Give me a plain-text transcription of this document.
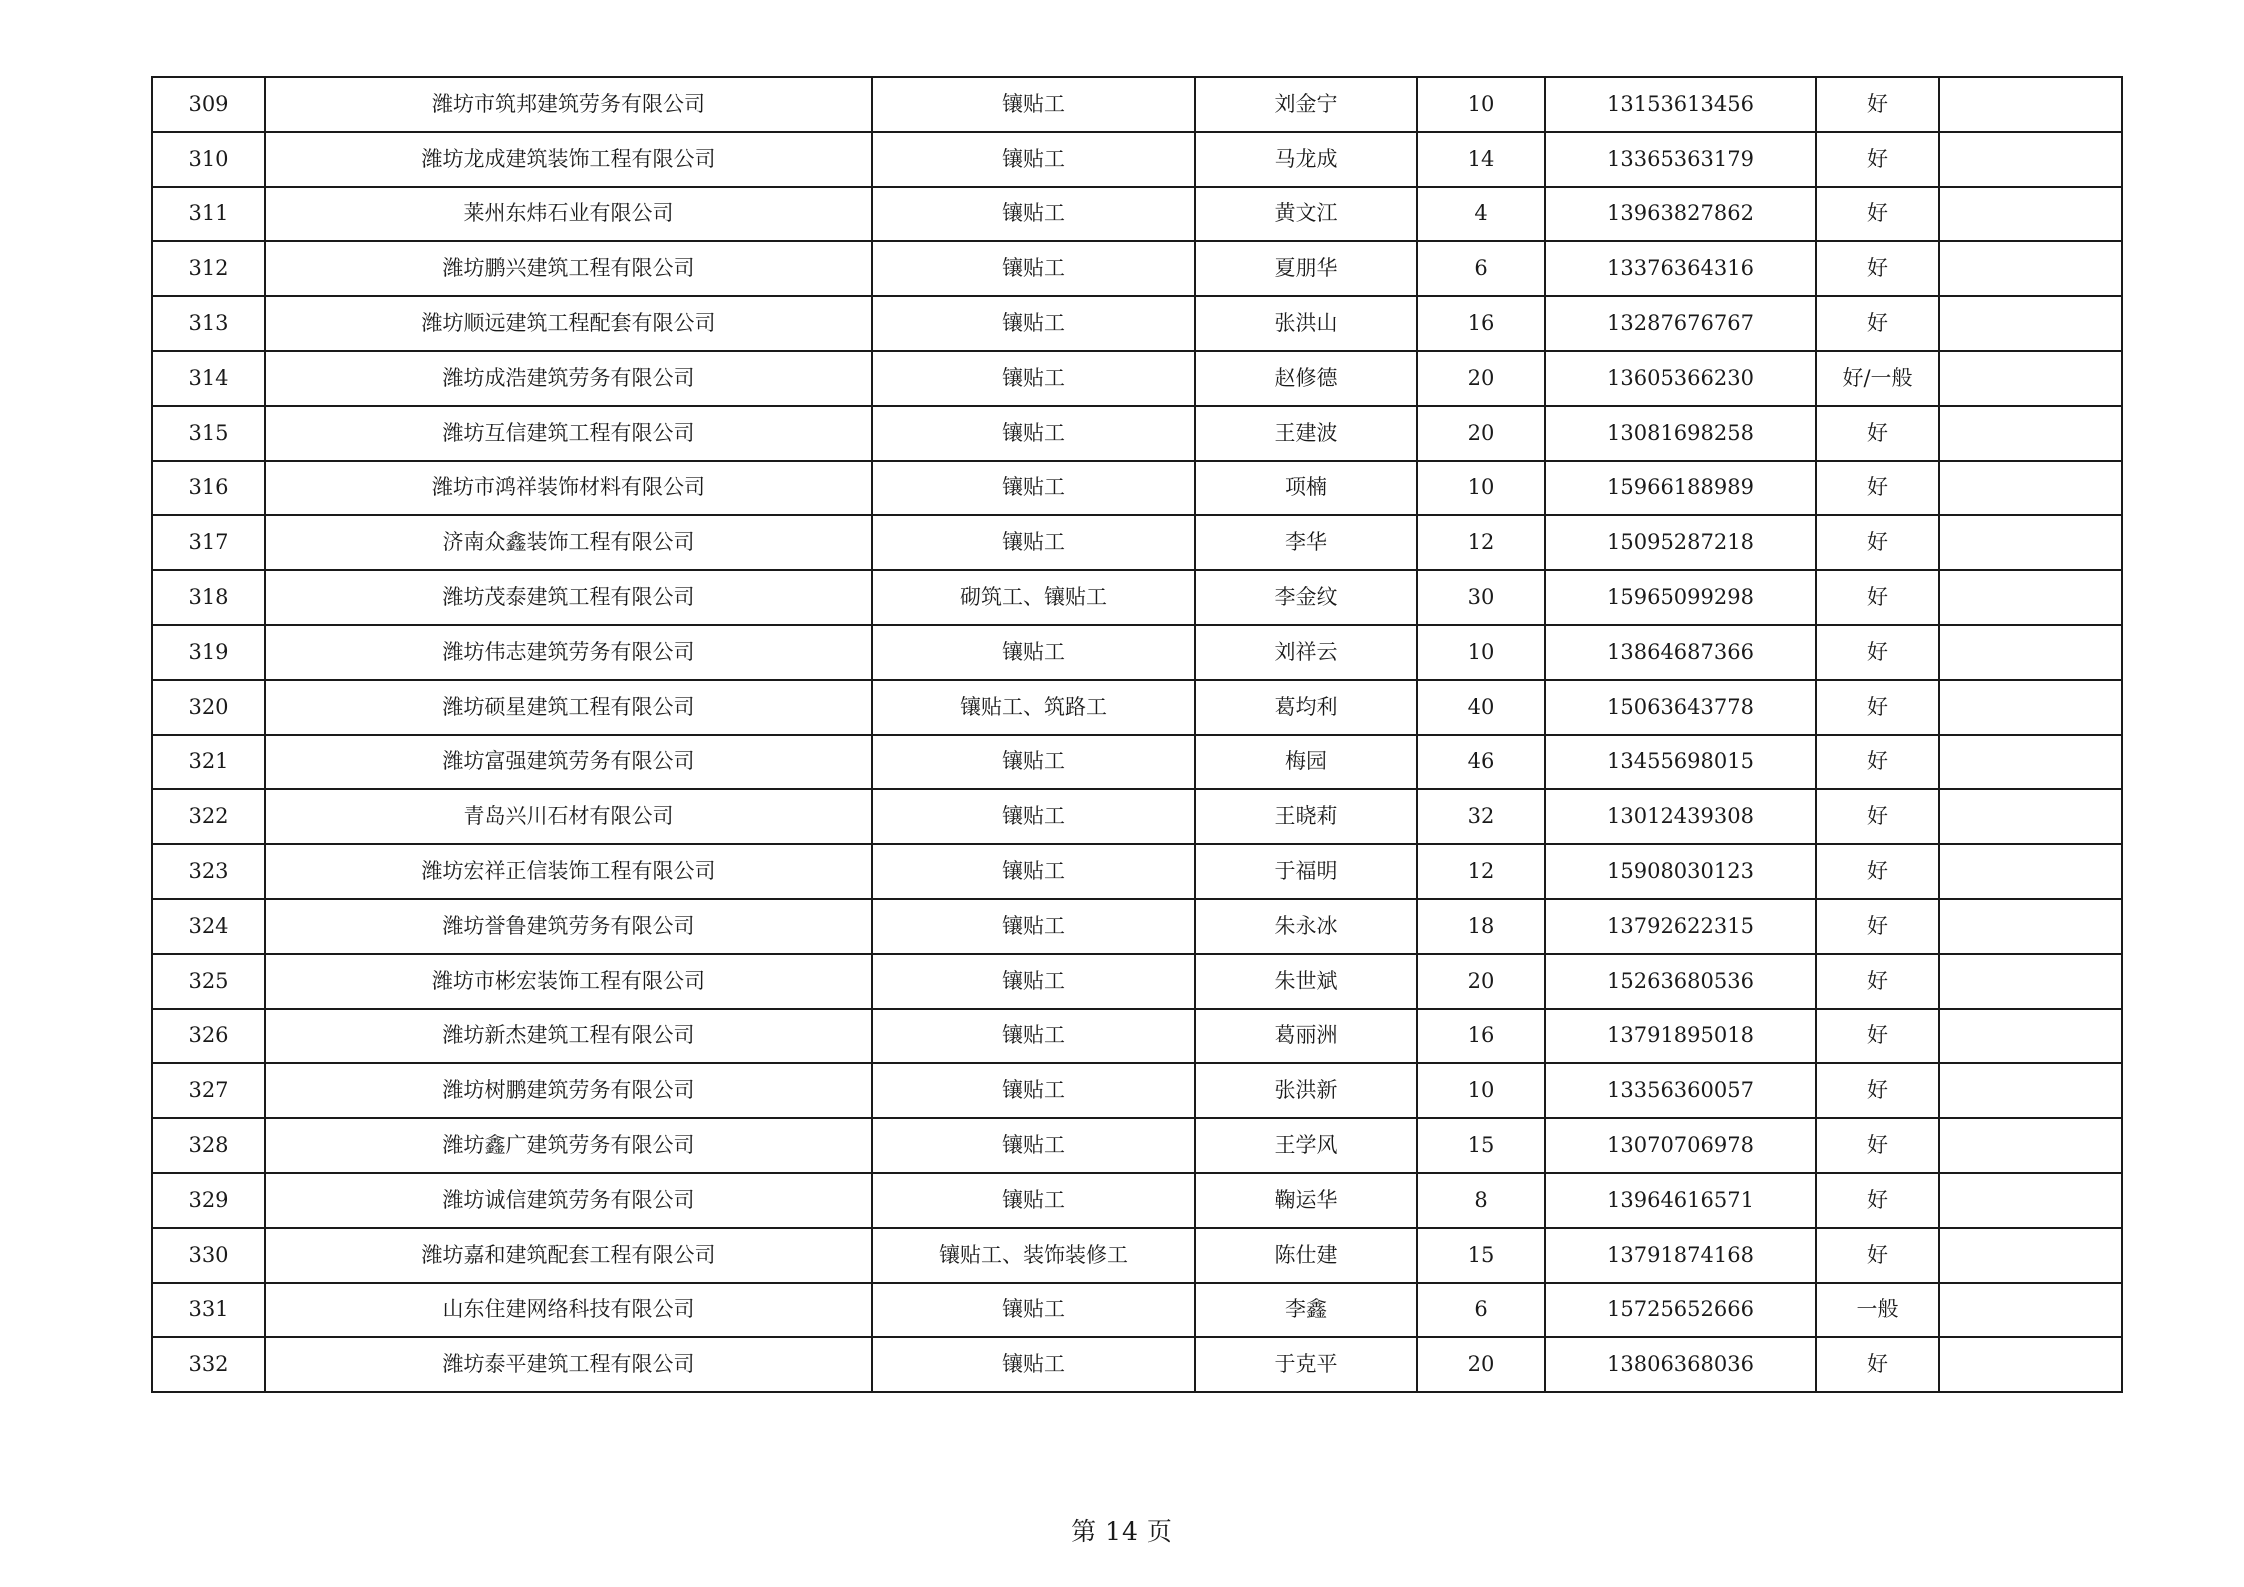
309	潍坊市筑邦建筑劳务有限公司	镶贴工	刘金宁	10	13153613456	好	
310	潍坊龙成建筑装饰工程有限公司	镶贴工	马龙成	14	13365363179	好	
311	莱州东炜石业有限公司	镶贴工	黄文江	4	13963827862	好	
312	潍坊鹏兴建筑工程有限公司	镶贴工	夏朋华	6	13376364316	好	
313	潍坊顺远建筑工程配套有限公司	镶贴工	张洪山	16	13287676767	好	
314	潍坊成浩建筑劳务有限公司	镶贴工	赵修德	20	13605366230	好/一般	
315	潍坊互信建筑工程有限公司	镶贴工	王建波	20	13081698258	好	
316	潍坊市鸿祥装饰材料有限公司	镶贴工	项楠	10	15966188989	好	
317	济南众鑫装饰工程有限公司	镶贴工	李华	12	15095287218	好	
318	潍坊茂泰建筑工程有限公司	砌筑工、镶贴工	李金纹	30	15965099298	好	
319	潍坊伟志建筑劳务有限公司	镶贴工	刘祥云	10	13864687366	好	
320	潍坊硕星建筑工程有限公司	镶贴工、筑路工	葛均利	40	15063643778	好	
321	潍坊富强建筑劳务有限公司	镶贴工	梅园	46	13455698015	好	
322	青岛兴川石材有限公司	镶贴工	王晓莉	32	13012439308	好	
323	潍坊宏祥正信装饰工程有限公司	镶贴工	于福明	12	15908030123	好	
324	潍坊誉鲁建筑劳务有限公司	镶贴工	朱永冰	18	13792622315	好	
325	潍坊市彬宏装饰工程有限公司	镶贴工	朱世斌	20	15263680536	好	
326	潍坊新杰建筑工程有限公司	镶贴工	葛丽洲	16	13791895018	好	
327	潍坊树鹏建筑劳务有限公司	镶贴工	张洪新	10	13356360057	好	
328	潍坊鑫广建筑劳务有限公司	镶贴工	王学风	15	13070706978	好	
329	潍坊诚信建筑劳务有限公司	镶贴工	鞠运华	8	13964616571	好	
330	潍坊嘉和建筑配套工程有限公司	镶贴工、装饰装修工	陈仕建	15	13791874168	好	
331	山东住建网络科技有限公司	镶贴工	李鑫	6	15725652666	一般	
332	潍坊泰平建筑工程有限公司	镶贴工	于克平	20	13806368036	好	
第 14 页
